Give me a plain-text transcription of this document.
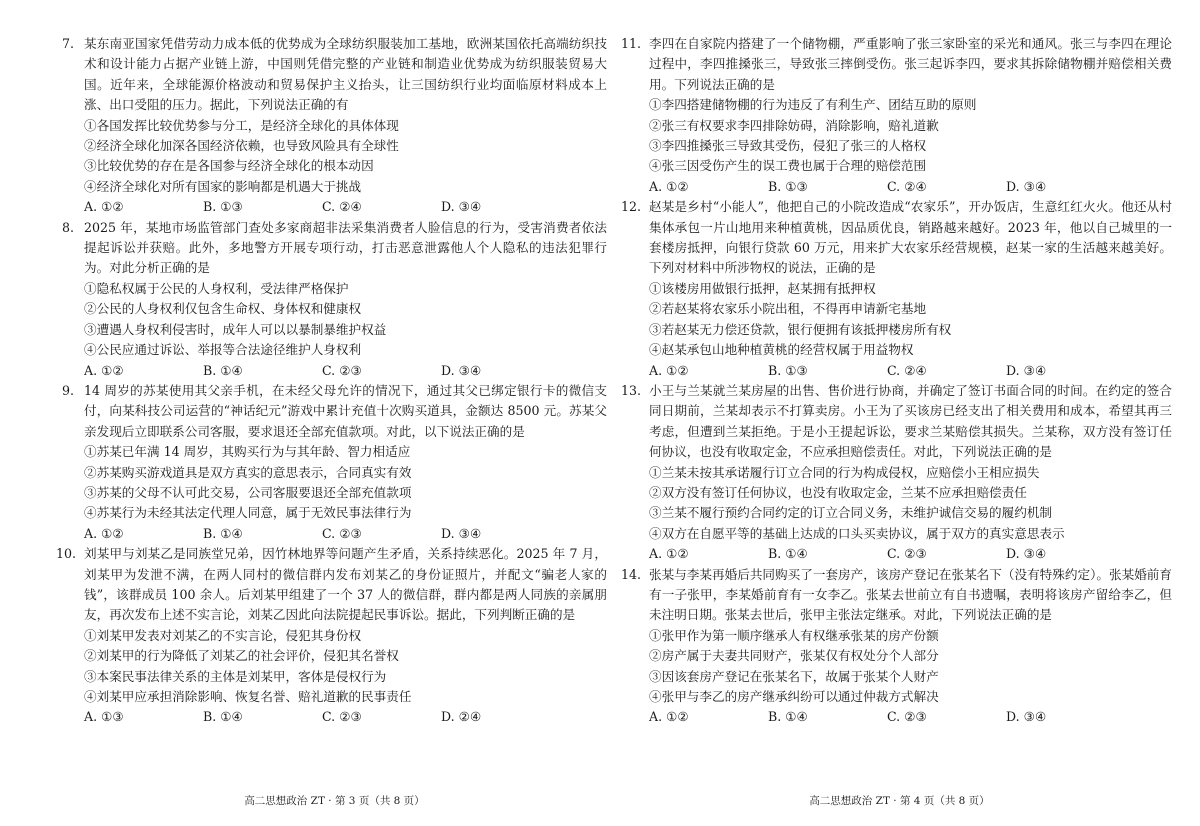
7. 某东南亚国家凭借劳动力成本低的优势成为全球纺织服装加工基地，欧洲某国依托高端纺织技术和设计能力占据产业链上游，中国则凭借完整的产业链和制造业优势成为纺织服装贸易大国。近年来，全球能源价格波动和贸易保护主义抬头，让三国纺织行业均面临原材料成本上涨、出口受阻的压力。据此，下列说法正确的有
①各国发挥比较优势参与分工，是经济全球化的具体体现
②经济全球化加深各国经济依赖，也导致风险具有全球性
③比较优势的存在是各国参与经济全球化的根本动因
④经济全球化对所有国家的影响都是机遇大于挑战
A. ①②	B. ①③	C. ②④	D. ③④
8. 2025 年，某地市场监管部门查处多家商超非法采集消费者人脸信息的行为，受害消费者依法提起诉讼并获赔。此外，多地警方开展专项行动，打击恶意泄露他人个人隐私的违法犯罪行为。对此分析正确的是
①隐私权属于公民的人身权利，受法律严格保护
②公民的人身权利仅包含生命权、身体权和健康权
③遭遇人身权利侵害时，成年人可以以暴制暴维护权益
④公民应通过诉讼、举报等合法途径维护人身权利
A. ①②	B. ①④	C. ②③	D. ③④
9. 14 周岁的苏某使用其父亲手机，在未经父母允许的情况下，通过其父已绑定银行卡的微信支付，向某科技公司运营的“神话纪元”游戏中累计充值十次购买道具，金额达 8500 元。苏某父亲发现后立即联系公司客服，要求退还全部充值款项。对此，以下说法正确的是
①苏某已年满 14 周岁，其购买行为与其年龄、智力相适应
②苏某购买游戏道具是双方真实的意思表示，合同真实有效
③苏某的父母不认可此交易，公司客服要退还全部充值款项
④苏某行为未经其法定代理人同意，属于无效民事法律行为
A. ①②	B. ①④	C. ②③	D. ③④
10. 刘某甲与刘某乙是同族堂兄弟，因竹林地界等问题产生矛盾，关系持续恶化。2025 年 7 月，刘某甲为发泄不满，在两人同村的微信群内发布刘某乙的身份证照片，并配文“骗老人家的钱”，该群成员 100 余人。后刘某甲组建了一个 37 人的微信群，群内都是两人同族的亲属朋友，再次发布上述不实言论，刘某乙因此向法院提起民事诉讼。据此，下列判断正确的是
①刘某甲发表对刘某乙的不实言论，侵犯其身份权
②刘某甲的行为降低了刘某乙的社会评价，侵犯其名誉权
③本案民事法律关系的主体是刘某甲，客体是侵权行为
④刘某甲应承担消除影响、恢复名誉、赔礼道歉的民事责任
A. ①③	B. ①④	C. ②③	D. ②④
11. 李四在自家院内搭建了一个储物棚，严重影响了张三家卧室的采光和通风。张三与李四在理论过程中，李四推搡张三，导致张三摔倒受伤。张三起诉李四，要求其拆除储物棚并赔偿相关费用。下列说法正确的是
①李四搭建储物棚的行为违反了有利生产、团结互助的原则
②张三有权要求李四排除妨碍，消除影响，赔礼道歉
③李四推搡张三导致其受伤，侵犯了张三的人格权
④张三因受伤产生的误工费也属于合理的赔偿范围
A. ①②	B. ①③	C. ②④	D. ③④
12. 赵某是乡村“小能人”，他把自己的小院改造成“农家乐”，开办饭店，生意红红火火。他还从村集体承包一片山地用来种植黄桃，因品质优良，销路越来越好。2023 年，他以自己城里的一套楼房抵押，向银行贷款 60 万元，用来扩大农家乐经营规模，赵某一家的生活越来越美好。下列对材料中所涉物权的说法，正确的是
①该楼房用做银行抵押，赵某拥有抵押权
②若赵某将农家乐小院出租，不得再申请新宅基地
③若赵某无力偿还贷款，银行便拥有该抵押楼房所有权
④赵某承包山地种植黄桃的经营权属于用益物权
A. ①②	B. ①③	C. ②④	D. ③④
13. 小王与兰某就兰某房屋的出售、售价进行协商，并确定了签订书面合同的时间。在约定的签合同日期前，兰某却表示不打算卖房。小王为了买该房已经支出了相关费用和成本，希望其再三考虑，但遭到兰某拒绝。于是小王提起诉讼，要求兰某赔偿其损失。兰某称，双方没有签订任何协议，也没有收取定金，不应承担赔偿责任。对此，下列说法正确的是
①兰某未按其承诺履行订立合同的行为构成侵权，应赔偿小王相应损失
②双方没有签订任何协议，也没有收取定金，兰某不应承担赔偿责任
③兰某不履行预约合同约定的订立合同义务，未维护诚信交易的履约机制
④双方在自愿平等的基础上达成的口头买卖协议，属于双方的真实意思表示
A. ①②	B. ①④	C. ②③	D. ③④
14. 张某与李某再婚后共同购买了一套房产，该房产登记在张某名下（没有特殊约定）。张某婚前育有一子张甲，李某婚前育有一女李乙。张某去世前立有自书遗嘱，表明将该房产留给李乙，但未注明日期。张某去世后，张甲主张法定继承。对此，下列说法正确的是
①张甲作为第一顺序继承人有权继承张某的房产份额
②房产属于夫妻共同财产，张某仅有权处分个人部分
③因该套房产登记在张某名下，故属于张某个人财产
④张甲与李乙的房产继承纠纷可以通过仲裁方式解决
A. ①②	B. ①④	C. ②③	D. ③④
高二思想政治 ZT · 第 3 页（共 8 页）	高二思想政治 ZT · 第 4 页（共 8 页）
